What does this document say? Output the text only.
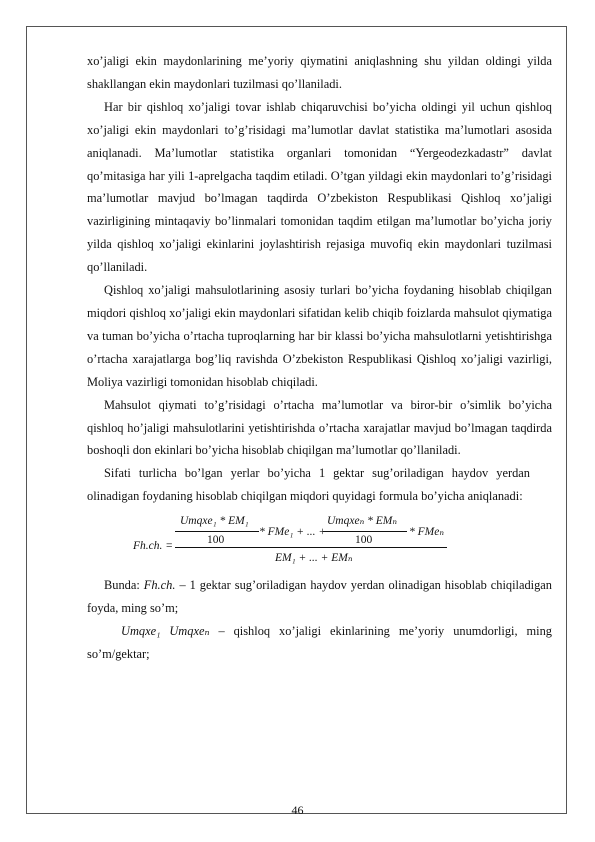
xo’jaligi ekin maydonlarining me’yoriy qiymatini aniqlashning shu yildan oldingi yilda shakllangan ekin maydonlari tuzilmasi qo’llaniladi.

Har bir qishloq xo’jaligi tovar ishlab chiqaruvchisi bo’yicha oldingi yil uchun qishloq xo’jaligi ekin maydonlari to’g’risidagi ma’lumotlar davlat statistika ma’lumotlari asosida aniqlanadi. Ma’lumotlar statistika organlari tomonidan “Yergeodezkadastr” davlat qo’mitasiga har yili 1-aprelgacha taqdim etiladi. O’tgan yildagi ekin maydonlari to’g’risidagi ma’lumotlar mavjud bo’lmagan taqdirda O’zbekiston Respublikasi Qishloq xo’jaligi vazirligining mintaqaviy bo’linmalari tomonidan taqdim etilgan ma’lumotlar bo’yicha joriy yilda qishloq xo’jaligi ekinlarini joylashtirish rejasiga muvofiq ekin maydonlari tuzilmasi qo’llaniladi.

Qishloq xo’jaligi mahsulotlarining asosiy turlari bo’yicha foydaning hisoblab chiqilgan miqdori qishloq xo’jaligi ekin maydonlari sifatidan kelib chiqib foizlarda mahsulot qiymatiga va tuman bo’yicha o’rtacha tuproqlarning har bir klassi bo’yicha mahsulotlarni yetishtirishga o’rtacha xarajatlarga bog’liq ravishda O’zbekiston Respublikasi Qishloq xo’jaligi vazirligi, Moliya vazirligi tomonidan hisoblab chiqiladi.

Mahsulot qiymati to’g’risidagi o’rtacha ma’lumotlar va biror-bir o’simlik bo’yicha qishloq ho’jaligi mahsulotlarini yetishtirishda o’rtacha xarajatlar mavjud bo’lmagan taqdirda boshoqli don ekinlari bo’yicha hisoblab chiqilgan ma’lumotlar qo’llaniladi.

Sifati turlicha bo’lgan yerlar bo’yicha 1 gektar sug’oriladigan haydov yerdan olinadigan foydaning hisoblab chiqilgan miqdori quyidagi formula bo’yicha aniqlanadi:

Fh.ch. =
Umqxe₁ * EM₁
100
* FMe₁ + ... +
Umqxeₙ * EMₙ
100
* FMeₙ
EM₁ + ... + EMₙ

Bunda: Fh.ch. – 1 gektar sug’oriladigan haydov yerdan olinadigan hisoblab chiqiladigan foyda, ming so’m;

Umqxe₁ Umqxeₙ – qishloq xo’jaligi ekinlarining me’yoriy unumdorligi, ming so’m/gektar;

46
